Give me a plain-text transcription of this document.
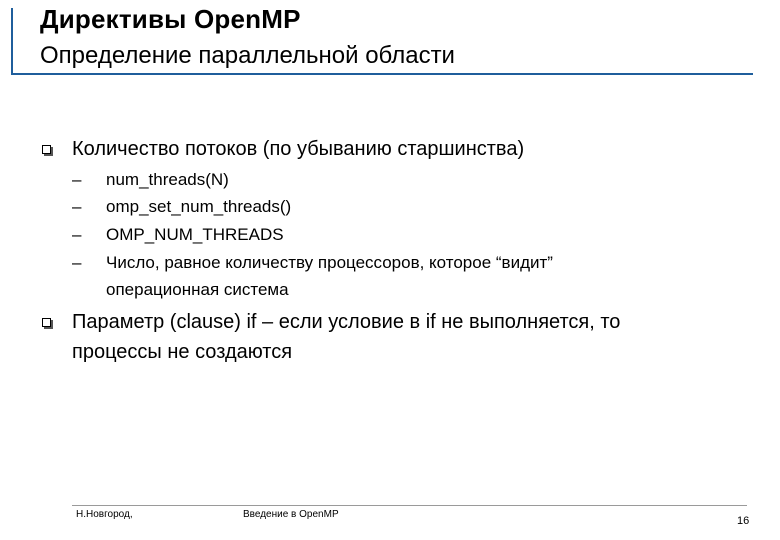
Директивы OpenMP
Определение параллельной области
Количество потоков (по убыванию старшинства)
– num_threads(N)
– omp_set_num_threads()
– OMP_NUM_THREADS
– Число, равное количеству процессоров, которое “видит”
операционная система
Параметр (clause) if – если условие в if не выполняется, то
процессы не создаются
Н.Новгород,	Введение в OpenMP
16
